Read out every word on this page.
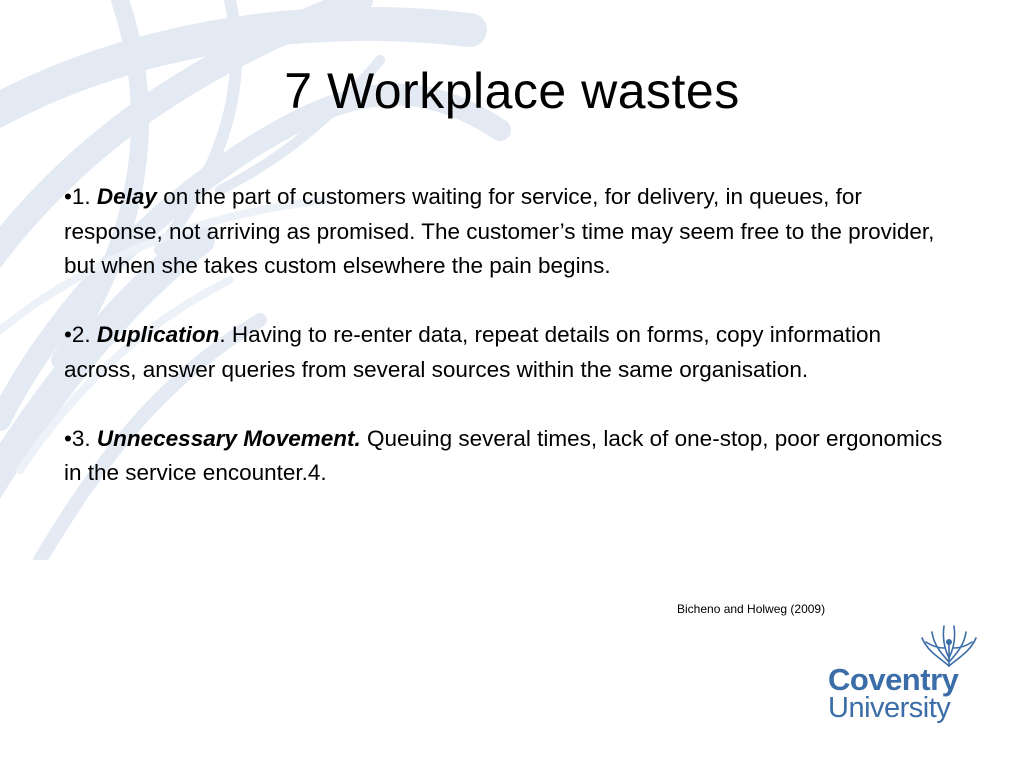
7 Workplace wastes

•1. Delay on the part of customers waiting for service, for delivery, in queues, for response, not arriving as promised. The customer’s time may seem free to the provider, but when she takes custom elsewhere the pain begins.

•2. Duplication. Having to re-enter data, repeat details on forms, copy information across, answer queries from several sources within the same organisation.

•3. Unnecessary Movement. Queuing several times, lack of one-stop, poor ergonomics in the service encounter.4.

Bicheno and Holweg (2009)
Coventry
University
